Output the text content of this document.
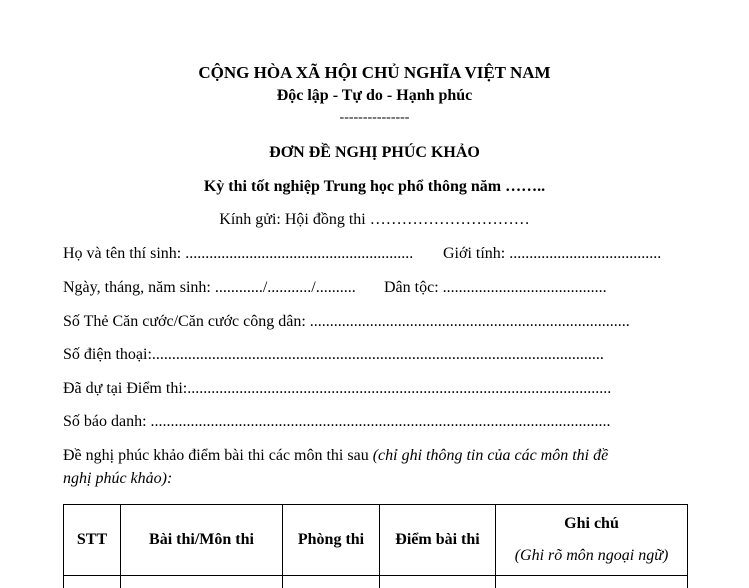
CỘNG HÒA XÃ HỘI CHỦ NGHĨA VIỆT NAM
Độc lập - Tự do - Hạnh phúc
---------------
ĐƠN ĐỀ NGHỊ PHÚC KHẢO
Kỳ thi tốt nghiệp Trung học phổ thông năm ……..
Kính gửi: Hội đồng thi …………………………
Họ và tên thí sinh: ......................................................... Giới tính: ......................................
Ngày, tháng, năm sinh: ............/.........../.......... Dân tộc: .........................................
Số Thẻ Căn cước/Căn cước công dân: ................................................................................
Số điện thoại:.................................................................................................................
Đã dự tại Điểm thi:..........................................................................................................
Số báo danh: ...................................................................................................................
Đề nghị phúc khảo điểm bài thi các môn thi sau (chỉ ghi thông tin của các môn thi đề
nghị phúc khảo):
STT	Bài thi/Môn thi	Phòng thi	Điểm bài thi	Ghi chú
(Ghi rõ môn ngoại ngữ)
